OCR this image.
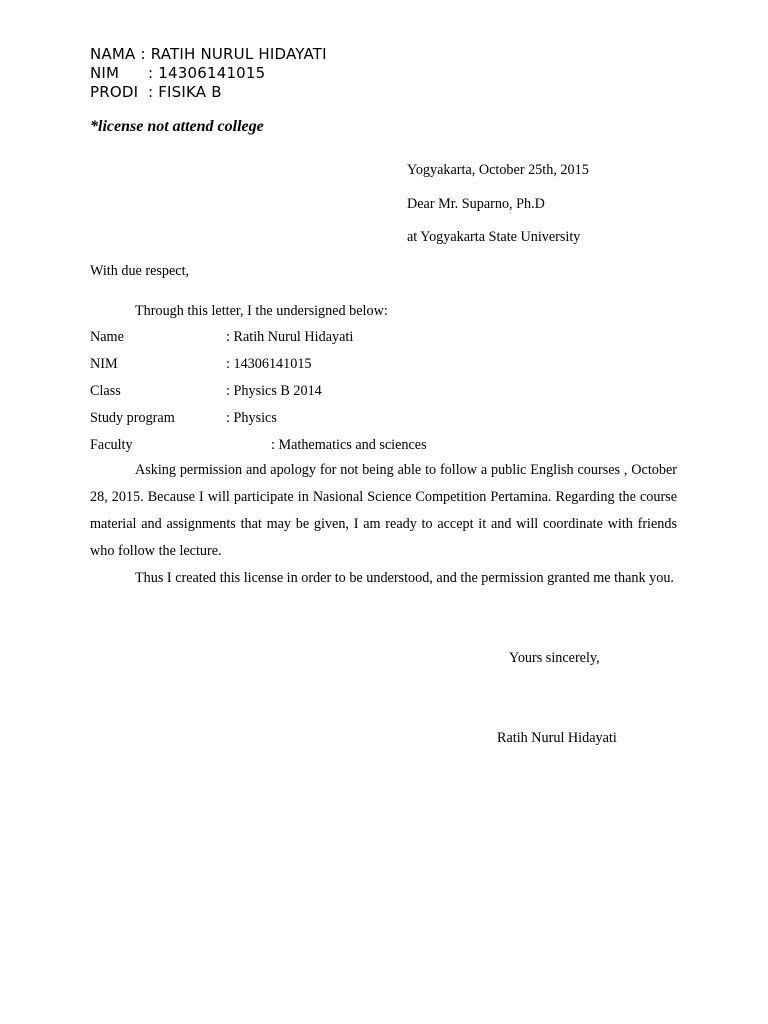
NAMA : RATIH NURUL HIDAYATI
NIM : 14306141015
PRODI : FISIKA B
*license not attend college
Yogyakarta, October 25th, 2015
Dear Mr. Suparno, Ph.D
at Yogyakarta State University
With due respect,
Through this letter, I the undersigned below:
Name	: Ratih Nurul Hidayati
NIM	: 14306141015
Class	: Physics B 2014
Study program	: Physics
Faculty	: Mathematics and sciences
Asking permission and apology for not being able to follow a public English courses , October 28, 2015. Because I will participate in Nasional Science Competition Pertamina. Regarding the course material and assignments that may be given, I am ready to accept it and will coordinate with friends who follow the lecture.
Thus I created this license in order to be understood, and the permission granted me thank you.
Yours sincerely,
Ratih Nurul Hidayati
